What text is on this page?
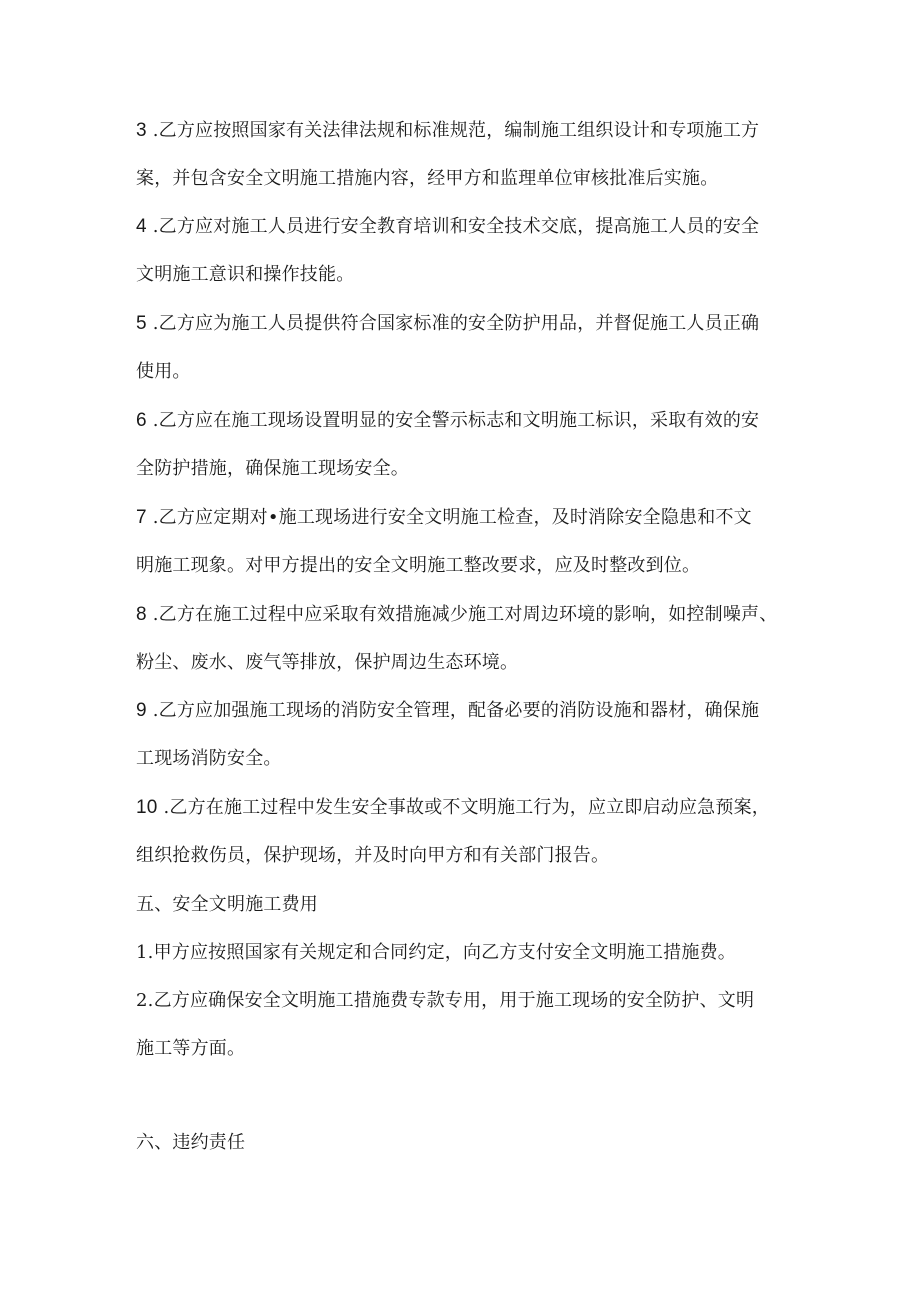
3 .乙方应按照国家有关法律法规和标准规范，编制施工组织设计和专项施工方
案，并包含安全文明施工措施内容，经甲方和监理单位审核批准后实施。
4 .乙方应对施工人员进行安全教育培训和安全技术交底，提高施工人员的安全
文明施工意识和操作技能。
5 .乙方应为施工人员提供符合国家标准的安全防护用品，并督促施工人员正确
使用。
6 .乙方应在施工现场设置明显的安全警示标志和文明施工标识，采取有效的安
全防护措施，确保施工现场安全。
7 .乙方应定期对•施工现场进行安全文明施工检查，及时消除安全隐患和不文
明施工现象。对甲方提出的安全文明施工整改要求，应及时整改到位。
8 .乙方在施工过程中应采取有效措施减少施工对周边环境的影响，如控制噪声、
粉尘、废水、废气等排放，保护周边生态环境。
9 .乙方应加强施工现场的消防安全管理，配备必要的消防设施和器材，确保施
工现场消防安全。
10 .乙方在施工过程中发生安全事故或不文明施工行为，应立即启动应急预案，
组织抢救伤员，保护现场，并及时向甲方和有关部门报告。
五、安全文明施工费用
1.甲方应按照国家有关规定和合同约定，向乙方支付安全文明施工措施费。
2.乙方应确保安全文明施工措施费专款专用，用于施工现场的安全防护、文明
施工等方面。
六、违约责任
